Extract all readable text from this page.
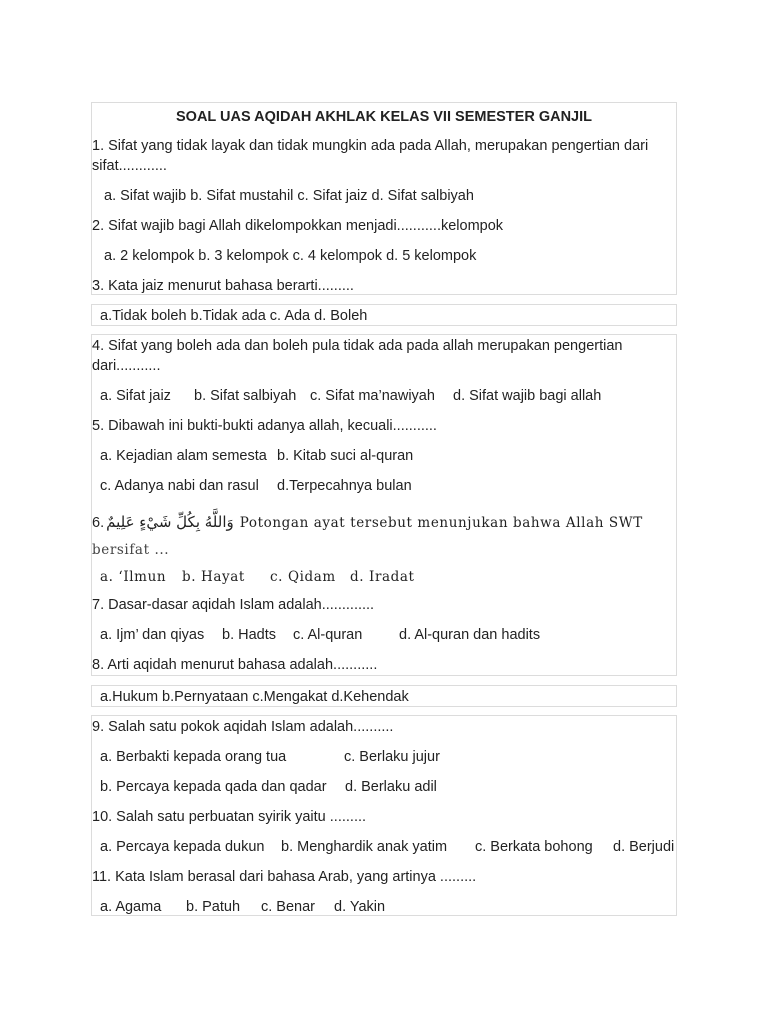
SOAL UAS AQIDAH AKHLAK KELAS VII SEMESTER GANJIL
1. Sifat yang tidak layak dan tidak mungkin ada pada Allah, merupakan pengertian dari
sifat............
a. Sifat wajib b. Sifat mustahil c. Sifat jaiz d. Sifat salbiyah
2. Sifat wajib bagi Allah dikelompokkan menjadi...........kelompok
a. 2 kelompok b. 3 kelompok c. 4 kelompok d. 5 kelompok
3. Kata jaiz menurut bahasa berarti.........
a.Tidak boleh b.Tidak ada c. Ada d. Boleh
4. Sifat yang boleh ada dan boleh pula tidak ada pada allah merupakan pengertian
dari...........
a. Sifat jaiz b. Sifat salbiyah c. Sifat ma’nawiyah d. Sifat wajib bagi allah
5. Dibawah ini bukti-bukti adanya allah, kecuali...........
a. Kejadian alam semesta b. Kitab suci al-quran
c. Adanya nabi dan rasul d.Terpecahnya bulan
6. وَاللَّهُ بِكُلِّ شَيْءٍ عَلِيمٌ Potongan ayat tersebut menunjukan bahwa Allah SWT
bersifat ...
a. ‘Ilmun b. Hayat c. Qidam d. Iradat
7. Dasar-dasar aqidah Islam adalah.............
a. Ijm’ dan qiyas b. Hadts c. Al-quran	d. Al-quran dan hadits
8. Arti aqidah menurut bahasa adalah...........
a.Hukum b.Pernyataan c.Mengakat d.Kehendak
9. Salah satu pokok aqidah Islam adalah..........
a. Berbakti kepada orang tua	c. Berlaku jujur
b. Percaya kepada qada dan qadar d. Berlaku adil
10. Salah satu perbuatan syirik yaitu .........
a. Percaya kepada dukun b. Menghardik anak yatim c. Berkata bohong d. Berjudi
11. Kata Islam berasal dari bahasa Arab, yang artinya .........
a. Agama b. Patuh c. Benar d. Yakin
